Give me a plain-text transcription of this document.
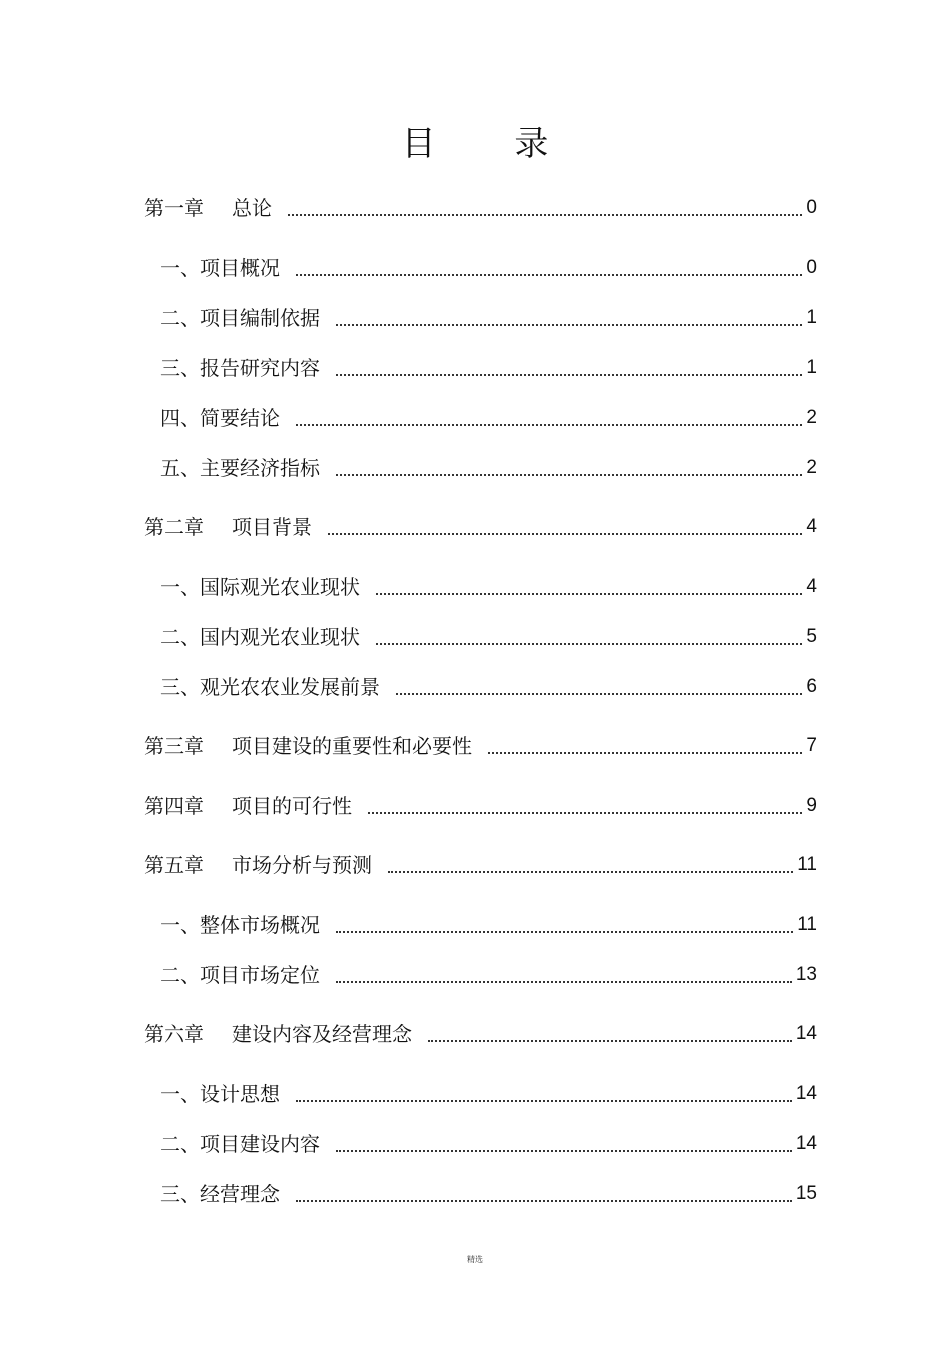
目 录
第一章 总论	0
一、项目概况	0
二、项目编制依据	1
三、报告研究内容	1
四、简要结论	2
五、主要经济指标	2
第二章 项目背景	4
一、国际观光农业现状	4
二、国内观光农业现状	5
三、观光农农业发展前景	6
第三章 项目建设的重要性和必要性	7
第四章 项目的可行性	9
第五章 市场分析与预测	11
一、整体市场概况	11
二、项目市场定位	13
第六章 建设内容及经营理念	14
一、设计思想	14
二、项目建设内容	14
三、经营理念	15
精选
